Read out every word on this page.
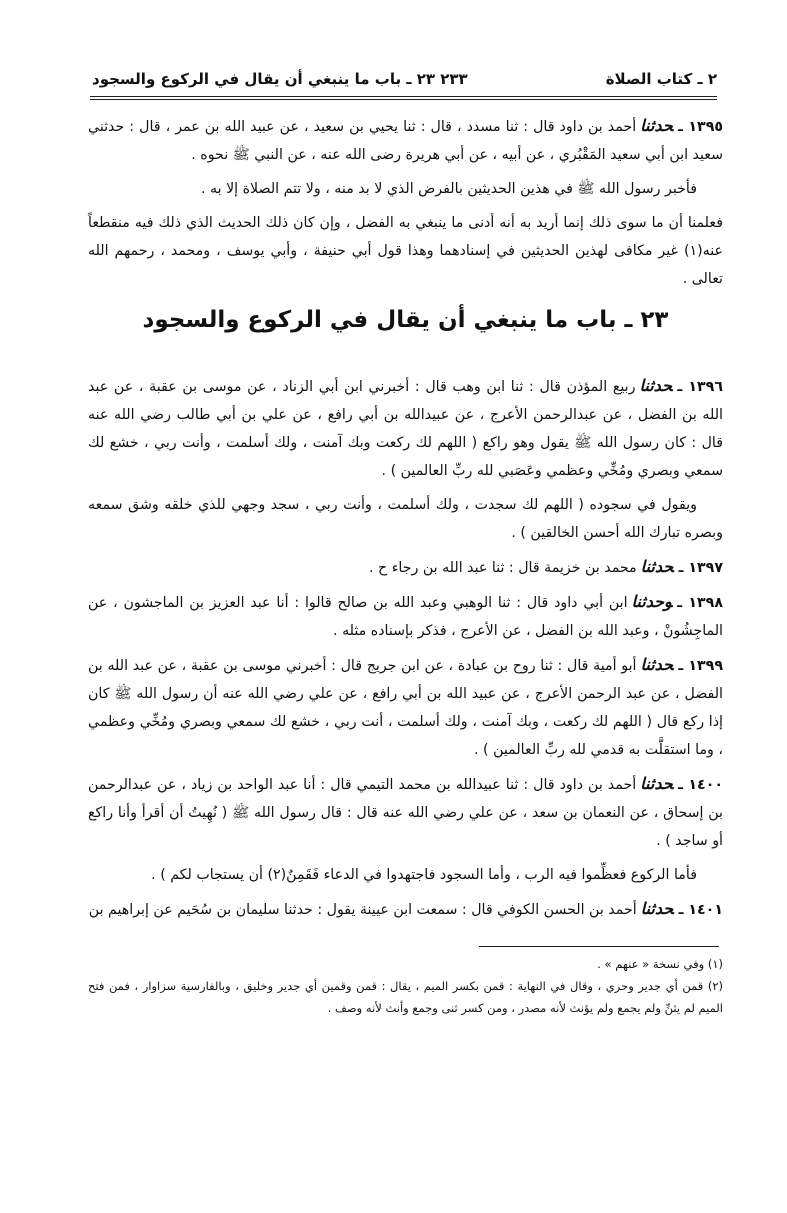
٢ ـ كتاب الصلاة
٢٣٣ ٢٣ ـ باب ما ينبغي أن يقال في الركوع والسجود

١٣٩٥ ـحدثناأحمد بن داود قال : ثنا مسدد ، قال : ثنا يحيي بن سعيد ، عن عبيد الله بن عمر ، قال : حدثني سعيد ابن أبي سعيد المَقْبُري ، عن أبيه ، عن أبي هريرة رضى الله عنه ، عن النبي ﷺ نحوه .

فأخبر رسول الله ﷺ في هذين الحديثين بالفرض الذي لا بد منه ، ولا تتم الصلاة إلا به .

فعلمنا أن ما سوى ذلك إنما أريد به أنه أدنى ما ينبغي به الفضل ، وإن كان ذلك الحديث الذي ذلك فيه منقطعاً عنه(١) غير مكافى لهذين الحديثين في إسنادهما وهذا قول أبي حنيفة ، وأبي يوسف ، ومحمد ، رحمهم الله تعالى .

٢٣ ـ باب ما ينبغي أن يقال في الركوع والسجود

١٣٩٦ ـحدثناربيع المؤذن قال : ثنا ابن وهب قال : أخبرني ابن أبي الزناد ، عن موسى بن عقبة ، عن عبد الله بن الفضل ، عن عبدالرحمن الأعرج ، عن عبيدالله بن أبي رافع ، عن علي بن أبي طالب رضي الله عنه قال : كان رسول الله ﷺ يقول وهو راكع ( اللهم لك ركعت وبك آمنت ، ولك أسلمت ، وأنت ربي ، خشع لك سمعي وبصري ومُخِّي وعظمي وعَصَبي لله ربِّ العالمين ) .

ويقول في سجوده ( اللهم لك سجدت ، ولك أسلمت ، وأنت ربي ، سجد وجهي للذي خلقه وشق سمعه وبصره تبارك الله أحسن الخالقين ) .

١٣٩٧ ـحدثنامحمد بن خزيمة قال : ثنا عبد الله بن رجاء ح .

١٣٩٨ ـوحدثناابن أبي داود قال : ثنا الوهبي وعبد الله بن صالح قالوا : أنا عبد العزيز بن الماجشون ، عن الماجِشُونْ ، وعبد الله بن الفضل ، عن الأعرج ، فذكر بإسناده مثله .

١٣٩٩ ـحدثناأبو أمية قال : ثنا روح بن عبادة ، عن ابن جريج قال : أخبرني موسى بن عقبة ، عن عبد الله بن الفضل ، عن عبد الرحمن الأعرج ، عن عبيد الله بن أبي رافع ، عن علي رضي الله عنه أن رسول الله ﷺ كان إذا ركع قال ( اللهم لك ركعت ، وبك آمنت ، ولك أسلمت ، أنت ربي ، خشع لك سمعي وبصري ومُخِّي وعظمي ، وما استقلَّت به قدمي لله ربِّ العالمين ) .

١٤٠٠ ـحدثناأحمد بن داود قال : ثنا عبيدالله بن محمد التيمي قال : أنا عبد الواحد بن زياد ، عن عبدالرحمن بن إسحاق ، عن النعمان بن سعد ، عن علي رضي الله عنه قال : قال رسول الله ﷺ ( نُهِيتُ أن أقرأ وأنا راكع أو ساجد ) .

فأما الركوع فعظِّموا فيه الرب ، وأما السجود فاجتهدوا في الدعاء فَقَمِنٌ(٢) أن يستجاب لكم ) .

١٤٠١ ـحدثناأحمد بن الحسن الكوفي قال : سمعت ابن عيينة يقول : حدثنا سليمان بن سُحَيم عن إبراهيم بن

(١) وفي نسخة « عنهم » .

(٢) قمن أي جدير وحري ، وقال في النهاية : قمن بكسر الميم ، يقال : قمن وقمين أي جدير وخليق ، وبالفارسية سزاوار ، فمن فتح الميم لم يثنِّ ولم يجمع ولم يؤنث لأنه مصدر ، ومن كسر ثنى وجمع وأنث لأنه وصف .
